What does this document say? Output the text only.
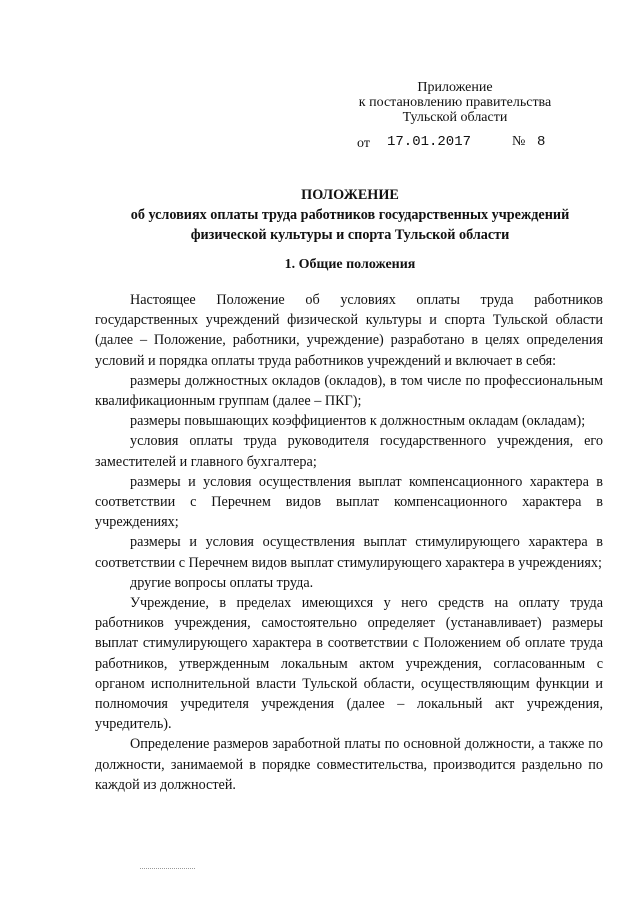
Приложение
к постановлению правительства
Тульской области
от 17.01.2017	№ 8
ПОЛОЖЕНИЕ
об условиях оплаты труда работников государственных учреждений
физической культуры и спорта Тульской области
1. Общие положения

Настоящее Положение об условиях оплаты труда работников государственных учреждений физической культуры и спорта Тульской области (далее – Положение, работники, учреждение) разработано в целях определения условий и порядка оплаты труда работников учреждений и включает в себя:

размеры должностных окладов (окладов), в том числе по профессиональным квалификационным группам (далее – ПКГ);

размеры повышающих коэффициентов к должностным окладам (окладам);

условия оплаты труда руководителя государственного учреждения, его заместителей и главного бухгалтера;

размеры и условия осуществления выплат компенсационного характера в соответствии с Перечнем видов выплат компенсационного характера в учреждениях;

размеры и условия осуществления выплат стимулирующего характера в соответствии с Перечнем видов выплат стимулирующего характера в учреждениях;

другие вопросы оплаты труда.

Учреждение, в пределах имеющихся у него средств на оплату труда работников учреждения, самостоятельно определяет (устанавливает) размеры выплат стимулирующего характера в соответствии с Положением об оплате труда работников, утвержденным локальным актом учреждения, согласованным с органом исполнительной власти Тульской области, осуществляющим функции и полномочия учредителя учреждения (далее – локальный акт учреждения, учредитель).

Определение размеров заработной платы по основной должности, а также по должности, занимаемой в порядке совместительства, производится раздельно по каждой из должностей.
